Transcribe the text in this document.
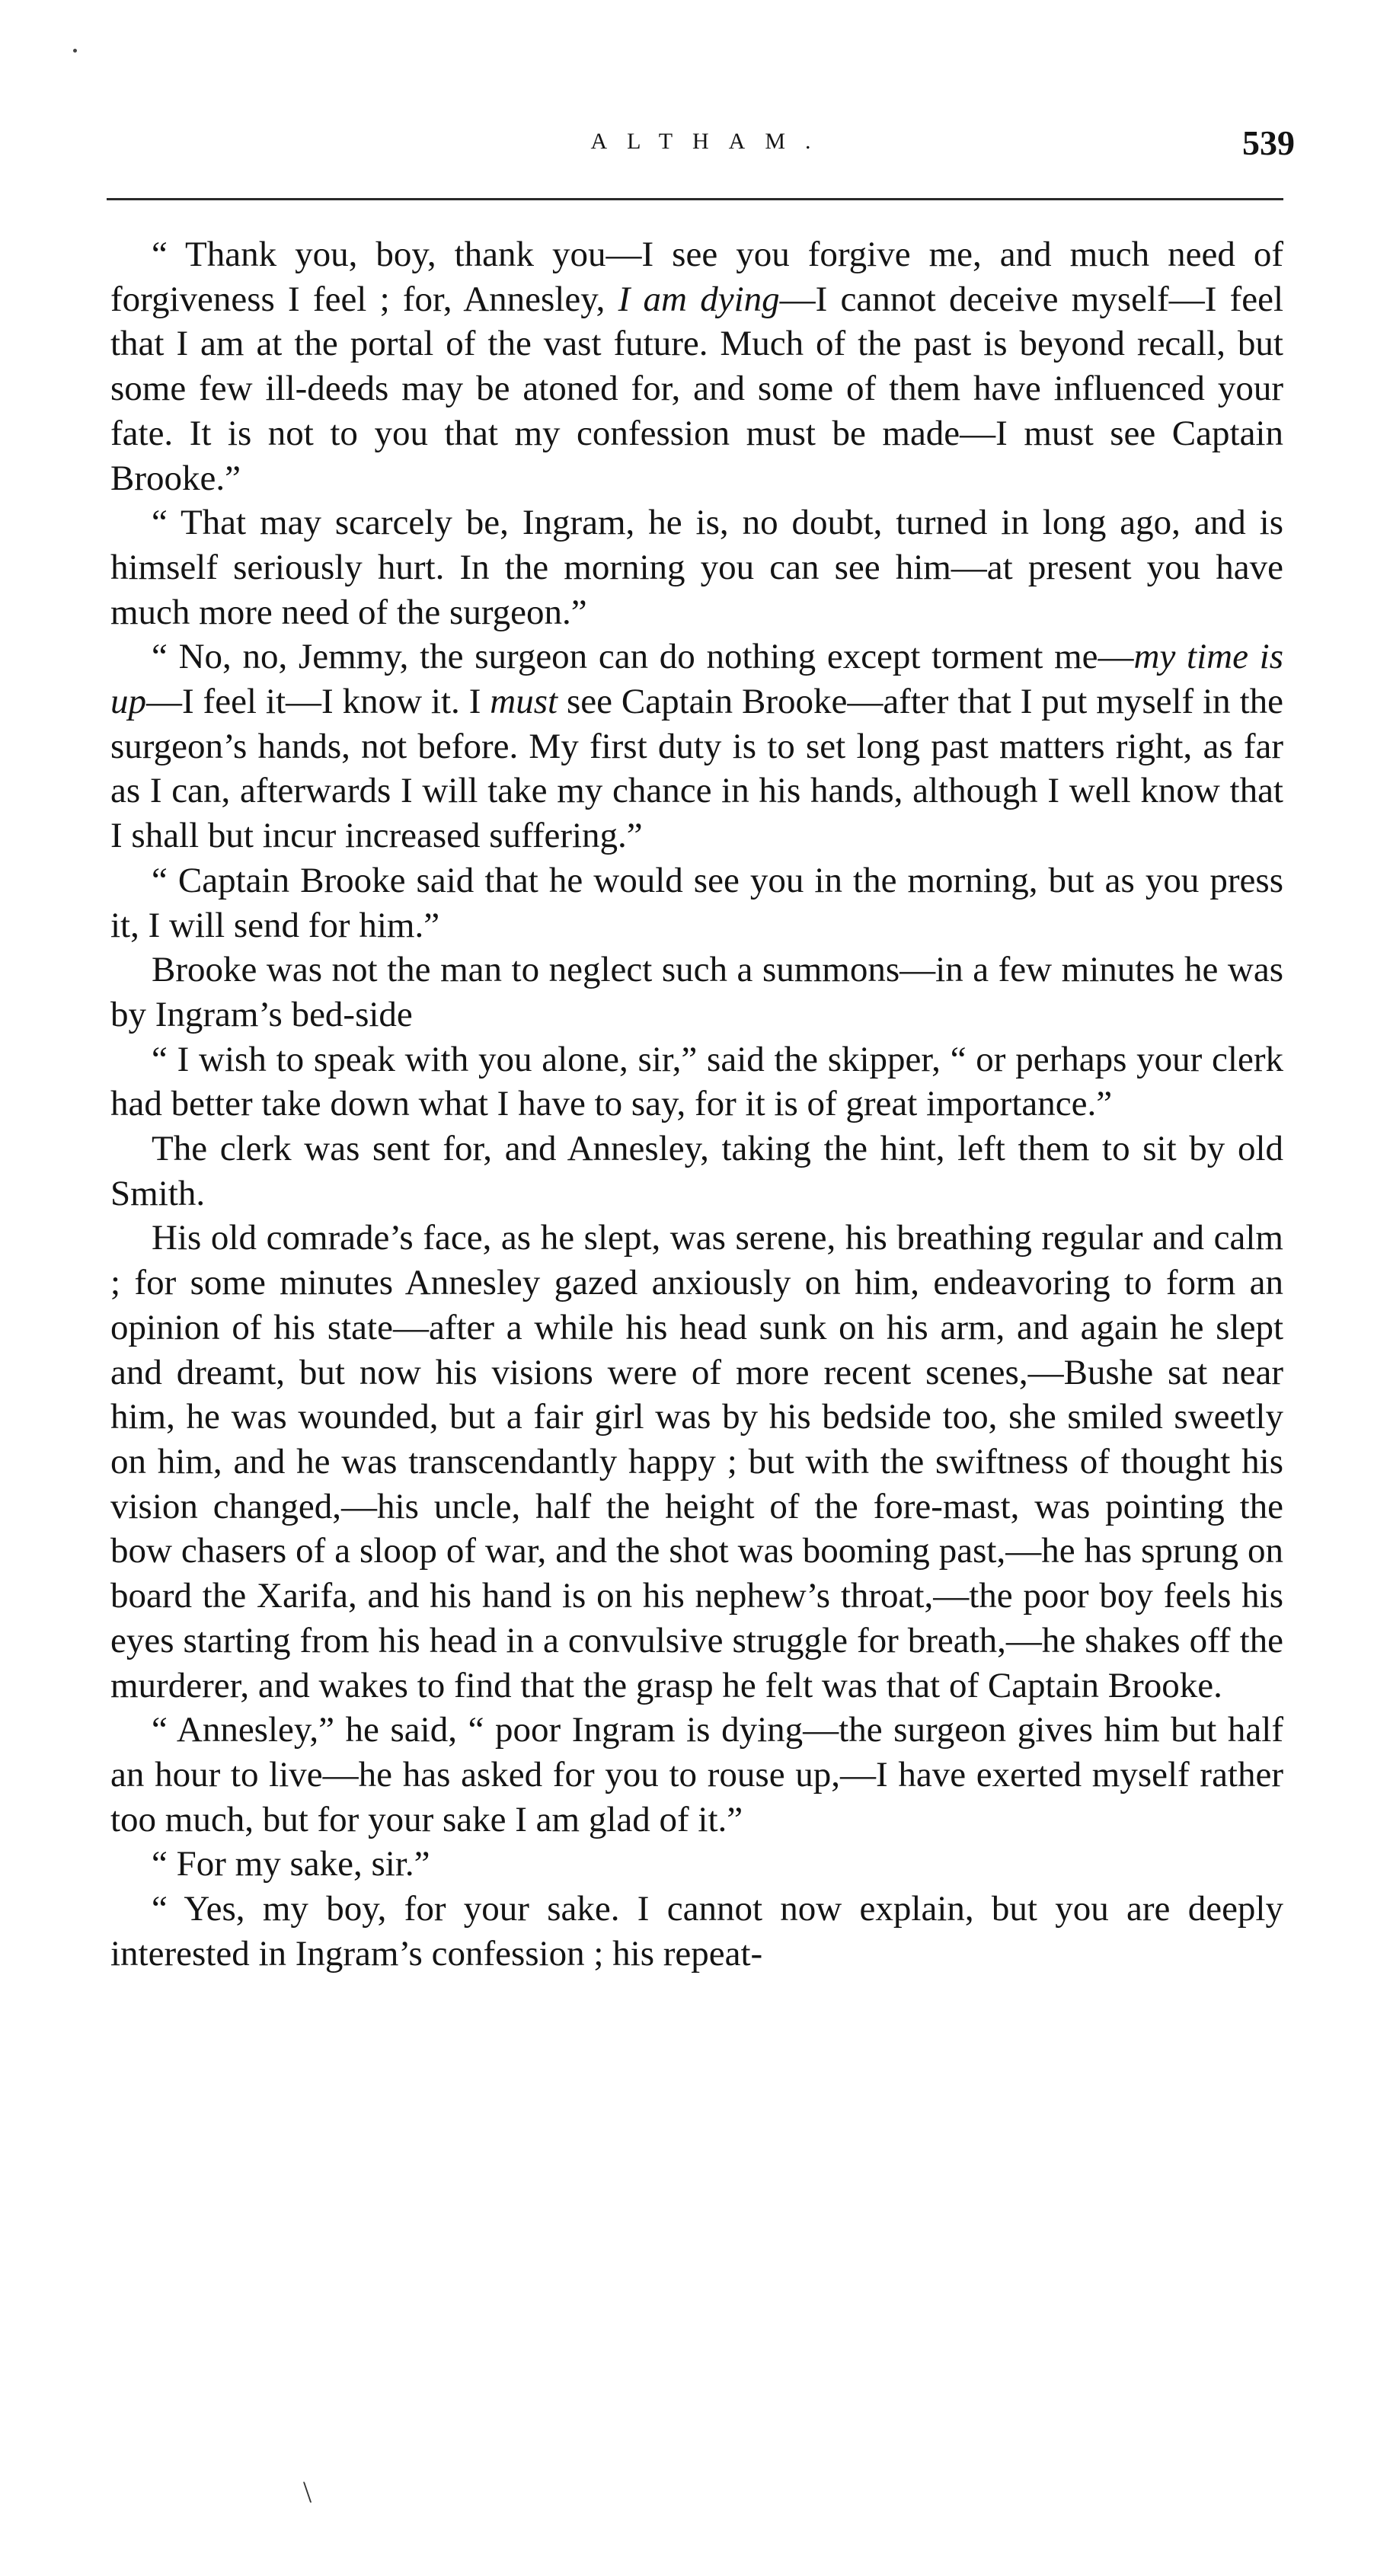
ALTHAM.	539

“ Thank you, boy, thank you—I see you forgive me, and much need of forgiveness I feel ; for, Annesley, I am dying—I cannot deceive myself—I feel that I am at the portal of the vast future. Much of the past is beyond recall, but some few ill-deeds may be atoned for, and some of them have influenced your fate. It is not to you that my confession must be made—I must see Captain Brooke.”

“ That may scarcely be, Ingram, he is, no doubt, turned in long ago, and is himself seriously hurt. In the morning you can see him—at present you have much more need of the surgeon.”

“ No, no, Jemmy, the surgeon can do nothing except torment me—my time is up—I feel it—I know it. I must see Captain Brooke—after that I put myself in the surgeon’s hands, not before. My first duty is to set long past matters right, as far as I can, afterwards I will take my chance in his hands, although I well know that I shall but incur increased suffering.”

“ Captain Brooke said that he would see you in the morning, but as you press it, I will send for him.”

Brooke was not the man to neglect such a summons—in a few minutes he was by Ingram’s bed-side

“ I wish to speak with you alone, sir,” said the skipper, “ or perhaps your clerk had better take down what I have to say, for it is of great importance.”

The clerk was sent for, and Annesley, taking the hint, left them to sit by old Smith.

His old comrade’s face, as he slept, was serene, his breathing regular and calm ; for some minutes Annesley gazed anxiously on him, endeavoring to form an opinion of his state—after a while his head sunk on his arm, and again he slept and dreamt, but now his visions were of more recent scenes,—Bushe sat near him, he was wounded, but a fair girl was by his bedside too, she smiled sweetly on him, and he was transcendantly happy ; but with the swiftness of thought his vision changed,—his uncle, half the height of the fore-mast, was pointing the bow chasers of a sloop of war, and the shot was booming past,—he has sprung on board the Xarifa, and his hand is on his nephew’s throat,—the poor boy feels his eyes starting from his head in a convulsive struggle for breath,—he shakes off the murderer, and wakes to find that the grasp he felt was that of Captain Brooke.

“ Annesley,” he said, “ poor Ingram is dying—the surgeon gives him but half an hour to live—he has asked for you to rouse up,—I have exerted myself rather too much, but for your sake I am glad of it.”

“ For my sake, sir.”

“ Yes, my boy, for your sake. I cannot now explain, but you are deeply interested in Ingram’s confession ; his repeat-

\
